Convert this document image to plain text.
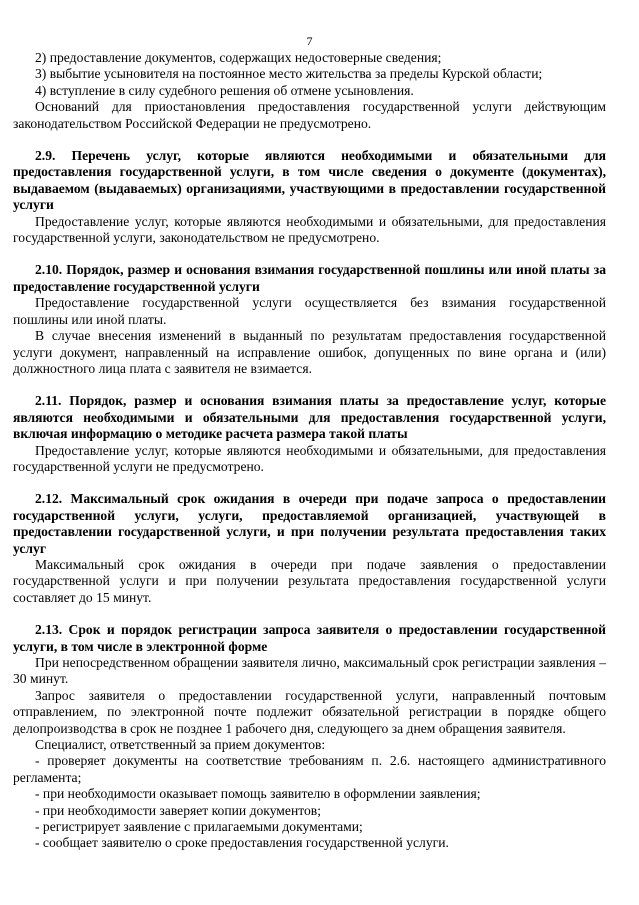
7

2) предоставление документов, содержащих недостоверные сведения;

3) выбытие усыновителя на постоянное место жительства за пределы Курской области;

4) вступление в силу судебного решения об отмене усыновления.

Оснований для приостановления предоставления государственной услуги действующим законодательством Российской Федерации не предусмотрено.

2.9. Перечень услуг, которые являются необходимыми и обязательными для предоставления государственной услуги, в том числе сведения о документе (документах), выдаваемом (выдаваемых) организациями, участвующими в предоставлении государственной услуги

Предоставление услуг, которые являются необходимыми и обязательными, для предоставления государственной услуги, законодательством не предусмотрено.

2.10. Порядок, размер и основания взимания государственной пошлины или иной платы за предоставление государственной услуги

Предоставление государственной услуги осуществляется без взимания государственной пошлины или иной платы.

В случае внесения изменений в выданный по результатам предоставления государственной услуги документ, направленный на исправление ошибок, допущенных по вине органа и (или) должностного лица плата с заявителя не взимается.

2.11. Порядок, размер и основания взимания платы за предоставление услуг, которые являются необходимыми и обязательными для предоставления государственной услуги, включая информацию о методике расчета размера такой платы

Предоставление услуг, которые являются необходимыми и обязательными, для предоставления государственной услуги не предусмотрено.

2.12. Максимальный срок ожидания в очереди при подаче запроса о предоставлении государственной услуги, услуги, предоставляемой организацией, участвующей в предоставлении государственной услуги, и при получении результата предоставления таких услуг

Максимальный срок ожидания в очереди при подаче заявления о предоставлении государственной услуги и при получении результата предоставления государственной услуги составляет до 15 минут.

2.13. Срок и порядок регистрации запроса заявителя о предоставлении государственной услуги, в том числе в электронной форме

При непосредственном обращении заявителя лично, максимальный срок регистрации заявления – 30 минут.

Запрос заявителя о предоставлении государственной услуги, направленный почтовым отправлением, по электронной почте подлежит обязательной регистрации в порядке общего делопроизводства в срок не позднее 1 рабочего дня, следующего за днем обращения заявителя.

Специалист, ответственный за прием документов:

- проверяет документы на соответствие требованиям п. 2.6. настоящего административного регламента;

- при необходимости оказывает помощь заявителю в оформлении заявления;

- при необходимости заверяет копии документов;

- регистрирует заявление с прилагаемыми документами;

- сообщает заявителю о сроке предоставления государственной услуги.
